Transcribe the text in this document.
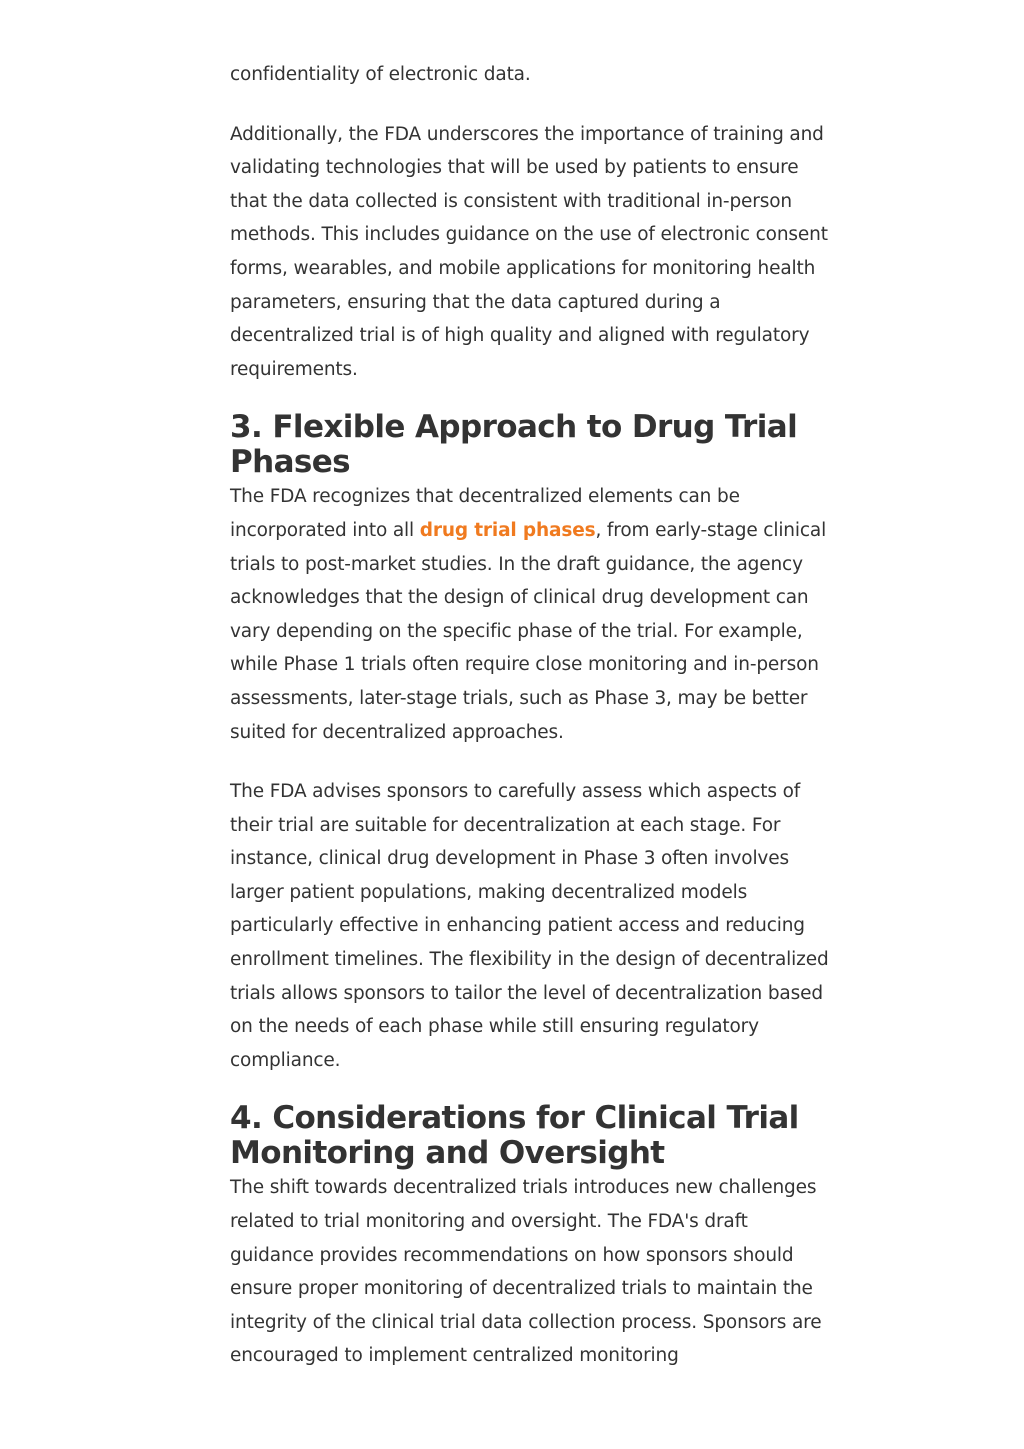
confidentiality of electronic data.

Additionally, the FDA underscores the importance of training and validating technologies that will be used by patients to ensure that the data collected is consistent with traditional in-person methods. This includes guidance on the use of electronic consent forms, wearables, and mobile applications for monitoring health parameters, ensuring that the data captured during a decentralized trial is of high quality and aligned with regulatory requirements.

3. Flexible Approach to Drug Trial Phases

The FDA recognizes that decentralized elements can be incorporated into all drug trial phases, from early-stage clinical trials to post-market studies. In the draft guidance, the agency acknowledges that the design of clinical drug development can vary depending on the specific phase of the trial. For example, while Phase 1 trials often require close monitoring and in-person assessments, later-stage trials, such as Phase 3, may be better suited for decentralized approaches.

The FDA advises sponsors to carefully assess which aspects of their trial are suitable for decentralization at each stage. For instance, clinical drug development in Phase 3 often involves larger patient populations, making decentralized models particularly effective in enhancing patient access and reducing enrollment timelines. The flexibility in the design of decentralized trials allows sponsors to tailor the level of decentralization based on the needs of each phase while still ensuring regulatory compliance.

4. Considerations for Clinical Trial Monitoring and Oversight

The shift towards decentralized trials introduces new challenges related to trial monitoring and oversight. The FDA's draft guidance provides recommendations on how sponsors should ensure proper monitoring of decentralized trials to maintain the integrity of the clinical trial data collection process. Sponsors are encouraged to implement centralized monitoring
